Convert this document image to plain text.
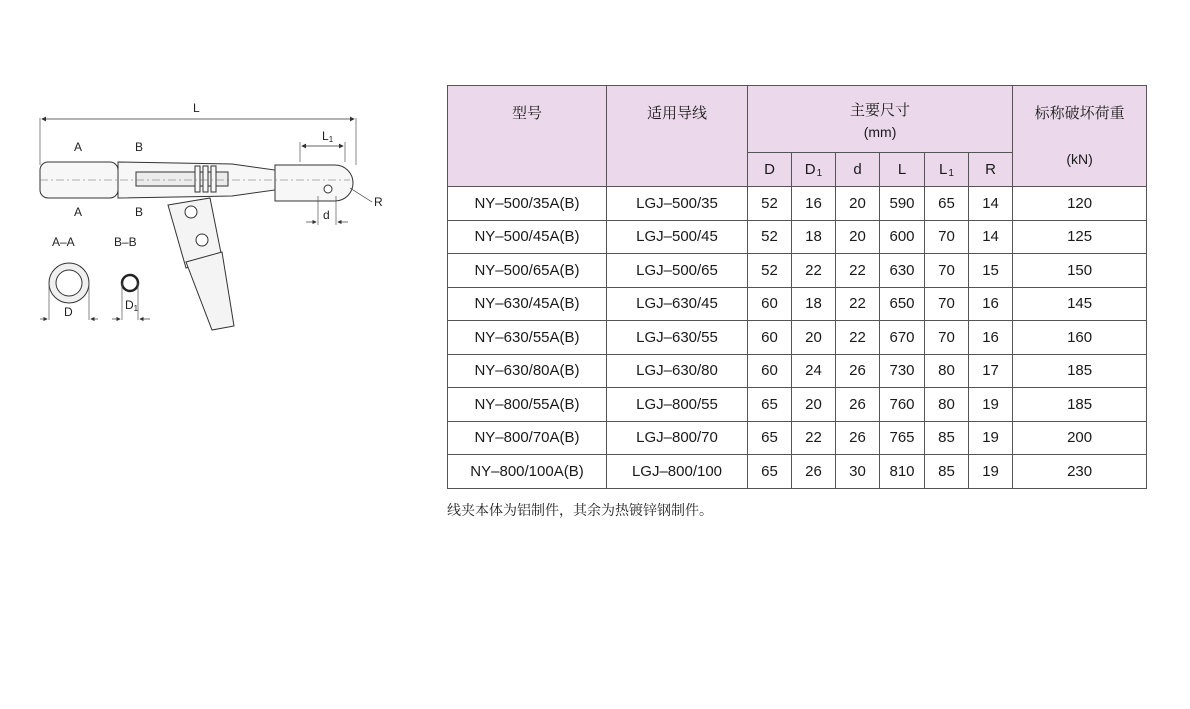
L
L1
A	B
A	B
R
d
A–A
D
B–B
D1
型号	适用导线	主要尺寸
(mm)						标称破坏荷重
(kN)

		D	$D_1$	d	L	$L_1$	R	
NY–500/35A(B)	LGJ–500/35	52	16	20	590	65	14	120
NY–500/45A(B)	LGJ–500/45	52	18	20	600	70	14	125
NY–500/65A(B)	LGJ–500/65	52	22	22	630	70	15	150
NY–630/45A(B)	LGJ–630/45	60	18	22	650	70	16	145
NY–630/55A(B)	LGJ–630/55	60	20	22	670	70	16	160
NY–630/80A(B)	LGJ–630/80	60	24	26	730	80	17	185
NY–800/55A(B)	LGJ–800/55	65	20	26	760	80	19	185
NY–800/70A(B)	LGJ–800/70	65	22	26	765	85	19	200
NY–800/100A(B)	LGJ–800/100	65	26	30	810	85	19	230
线夹本体为铝制件，其余为热镀锌钢制件。
